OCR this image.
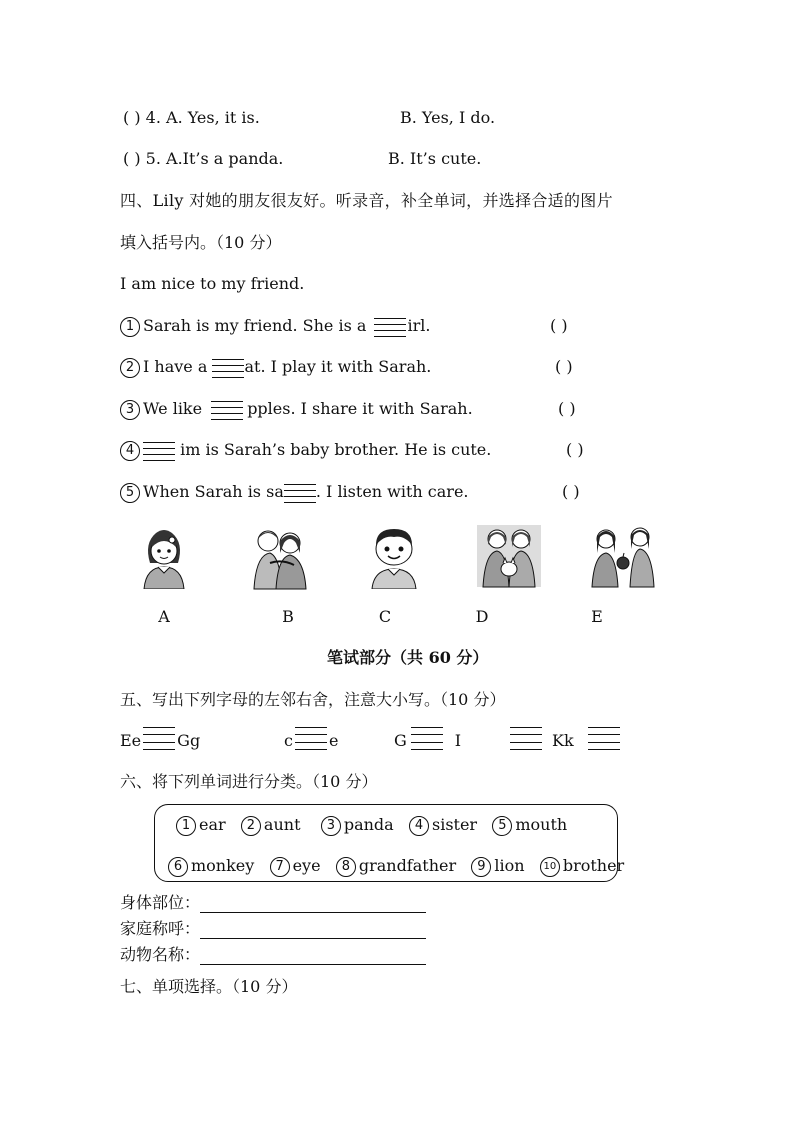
( ) 4. A. Yes, it is.	B. Yes, I do.
( ) 5. A.It’s a panda.	B. It’s cute.
四、Lily 对她的朋友很友好。听录音，补全单词，并选择合适的图片
填入括号内。（10 分）
I am nice to my friend.
1 Sarah is my friend. She is a
irl.	( )
2 I have a
at. I play it with Sarah.	( )
3 We like	pples. I share it with Sarah.	( )
4	im is Sarah’s baby brother. He is cute.	( )
5 When Sarah is sa . I listen with care.	( )
A	B	C	D	E
笔试部分（共 60 分）
五、写出下列字母的左邻右舍，注意大小写。（10 分）
Ee Gg	c e	G	I	Kk
六、将下列单词进行分类。（10 分）
1 ear 2 aunt 3 panda 4 sister 5 mouth
6 monkey 7 eye 8 grandfather 9 lion 10 brother
身体部位：
家庭称呼：
动物名称：
七、单项选择。（10 分）
